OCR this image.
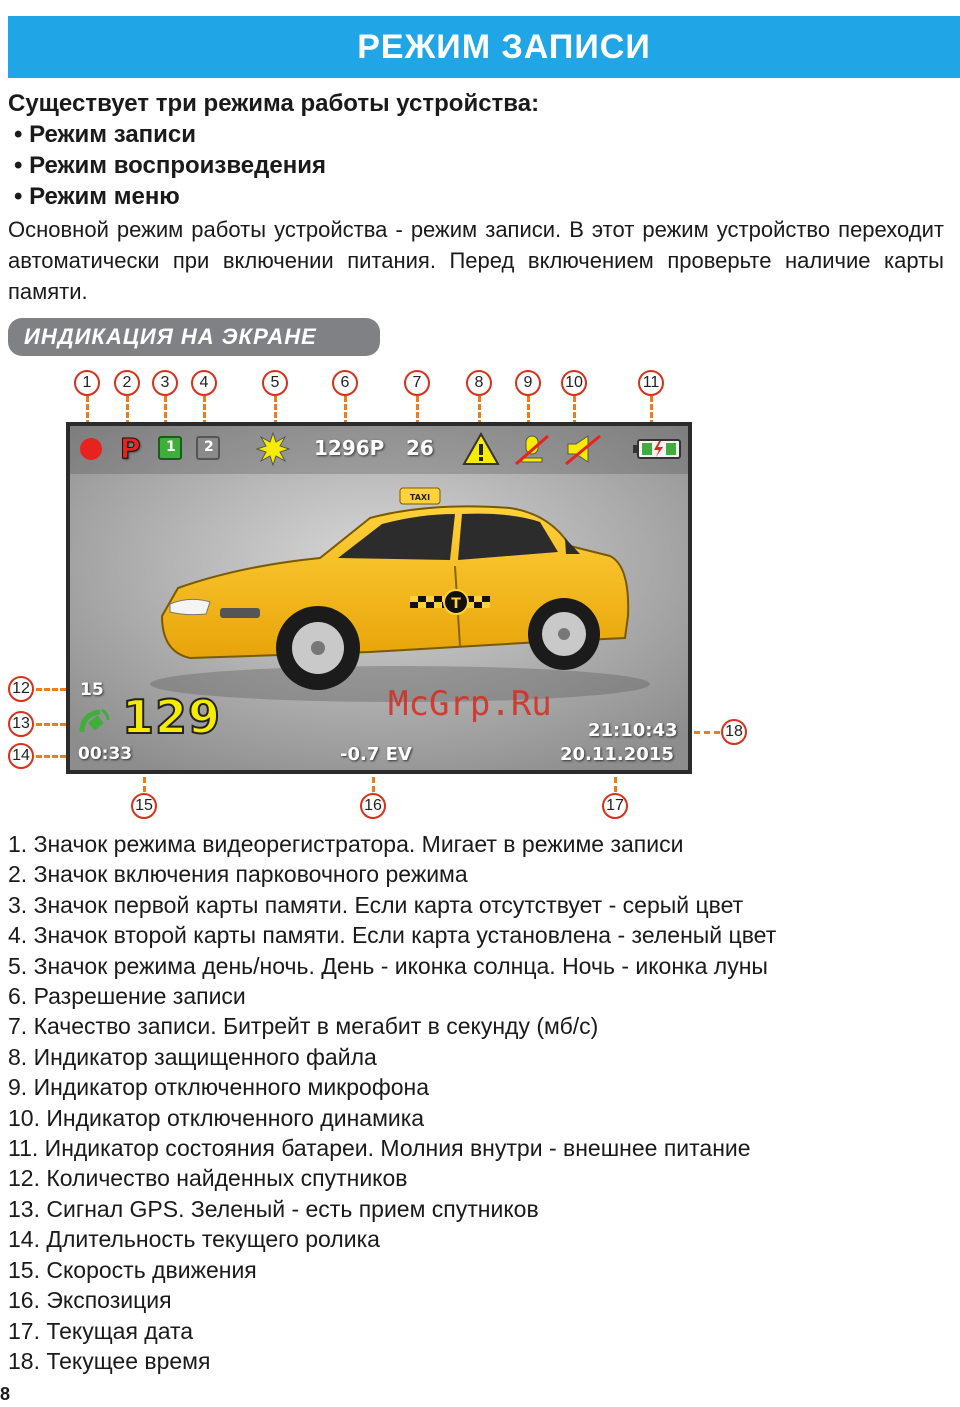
РЕЖИМ ЗАПИСИ
Существует три режима работы устройства:
• Режим записи
• Режим воспроизведения
• Режим меню

Основной режим работы устройства - режим записи. В этот режим устройство переходит автоматически при включении питания. Перед включением проверьте наличие карты памяти.

ИНДИКАЦИЯ НА ЭКРАНЕ
1	2	3	4	5	6	7	8	9	10	11
12
13
14
18
15	16	17
T
TAXI
P 1 2	1296P 26
15 129
00:33	-0.7 EV
21:10:43
20.11.2015
McGrp.Ru
1. Значок режима видеорегистратора. Мигает в режиме записи
2. Значок включения парковочного режима
3. Значок первой карты памяти. Если карта отсутствует - серый цвет
4. Значок второй карты памяти. Если карта установлена - зеленый цвет
5. Значок режима день/ночь. День - иконка солнца. Ночь - иконка луны
6. Разрешение записи
7. Качество записи. Битрейт в мегабит в секунду (мб/с)
8. Индикатор защищенного файла
9. Индикатор отключенного микрофона
10. Индикатор отключенного динамика
11. Индикатор состояния батареи. Молния внутри - внешнее питание
12. Количество найденных спутников
13. Сигнал GPS. Зеленый - есть прием спутников
14. Длительность текущего ролика
15. Скорость движения
16. Экспозиция
17. Текущая дата
18. Текущее время
8
